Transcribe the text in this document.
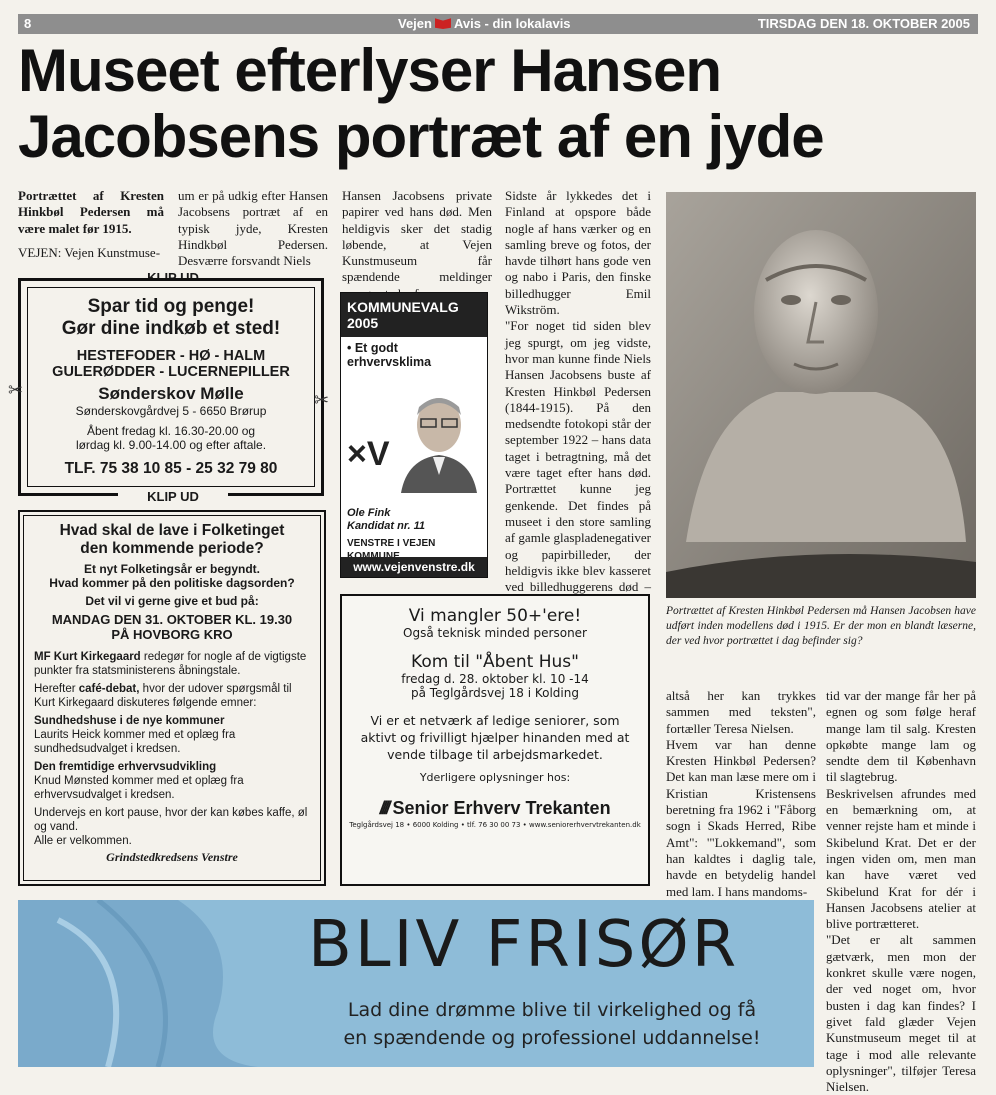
8	Vejen Avis - din lokalavis	TIRSDAG DEN 18. OKTOBER 2005
Museet efterlyser Hansen
Jacobsens portræt af en jyde

Portrættet af Kresten Hinkbøl Pedersen må være malet før 1915.

VEJEN: Vejen Kunstmuse-

um er på udkig efter Hansen Jacobsens portræt af en typisk jyde, Kresten Hindkbøl Pedersen. Desværre forsvandt Niels
Hansen Jacobsens private papirer ved hans død. Men heldigvis sker det stadig løbende, at Vejen Kunstmuseum får spændende meldinger

Sidste år lykkedes det i Finland at opspore både nogle af hans værker og en samling breve og fotos, der havde tilhørt hans gode ven og nabo i Paris, den finske billedhugger Emil Wikström.

"For noget tid siden blev jeg spurgt, om jeg vidste, hvor man kunne finde Niels Hansen Jacobsens buste af Kresten Hinkbøl Pedersen (1844-1915). På den medsendte fotokopi står der september 1922 – hans data taget i betragtning, må det være taget efter hans død. Portrættet kunne jeg genkende. Det findes på museet i den store samling af gamle glaspladenegativer og papirbilleder, der heldigvis ikke blev kasseret ved billedhuggerens død –

Spar tid og penge!
Gør dine indkøb et sted!
HESTEFODER - HØ - HALM
GULERØDDER - LUCERNEPILLER
Sønderskov Mølle
Sønderskovgårdvej 5 - 6650 Brørup
Åbent fredag kl. 16.30-20.00 og
lørdag kl. 9.00-14.00 og efter aftale.
TLF. 75 38 10 85 - 25 32 79 80
✂	✂
KLIP UD
Hvad skal de lave i Folketinget
den kommende periode?
Et nyt Folketingsår er begyndt.
Hvad kommer på den politiske dagsorden?
Det vil vi gerne give et bud på:
MANDAG DEN 31. OKTOBER KL. 19.30
PÅ HOVBORG KRO
MF Kurt Kirkegaard redegør for nogle af de vigtigste punkter fra statsministerens åbningstale.
Herefter café-debat, hvor der udover spørgsmål til Kurt Kirkegaard diskuteres følgende emner:
Sundhedshuse i de nye kommuner
Laurits Heick kommer med et oplæg fra sundhedsudvalget i kredsen.
Den fremtidige erhvervsudvikling
Knud Mønsted kommer med et oplæg fra erhvervsudvalget i kredsen.
Undervejs en kort pause, hvor der kan købes kaffe, øl og vand.
Alle er velkommen.
Grindstedkredsens Venstre
KOMMUNEVALG 2005
• Et godt erhvervsklima
×V
Ole Fink
Kandidat nr. 11
VENSTRE I VEJEN
www.vejenvenstre.dk
Vi mangler 50+'ere!
Også teknisk minded personer
Kom til "Åbent Hus"
fredag d. 28. oktober kl. 10 -14
på Teglgårdsvej 18 i Kolding
Vi er et netværk af ledige seniorer, som aktivt og frivilligt hjælper hinanden med at vende tilbage til arbejdsmarkedet.
Yderligere oplysninger hos:
//// Senior Erhverv Trekanten
Teglgårdsvej 18 • 6000 Kolding • tlf. 76 30 00 73 • www.seniorerhvervtrekanten.dk
Portrættet af Kresten Hinkbøl Pedersen må Hansen Jacobsen have udført inden modellens død i 1915. Er der mon en blandt læserne, der ved hvor portrættet i dag befinder sig?

altså her kan trykkes sammen med teksten", fortæller Teresa Nielsen.

Hvem var han denne Kresten Hinkbøl Pedersen? Det kan man læse mere om i Kristian Kristensens beretning fra 1962 i "Fåborg sogn i Skads Herred, Ribe Amt": '"Lokkemand", som han kaldtes i daglig tale, havde en betydelig handel med lam. I hans mandoms-

tid var der mange får her på egnen og som følge heraf mange lam til salg. Kresten opkøbte mange lam og sendte dem til København til slagtebrug.

Beskrivelsen afrundes med en bemærkning om, at venner rejste ham et minde i Skibelund Krat. Det er der ingen viden om, men man kan have været ved Skibelund Krat for dér i Hansen Jacobsens atelier at blive portrætteret.

"Det er alt sammen gætværk, men mon der konkret skulle være nogen, der ved noget om, hvor busten i dag kan findes? I givet fald glæder Vejen Kunstmuseum meget til at tage i mod alle relevante oplysninger", tilføjer Teresa Nielsen.

BLIV FRISØR
Lad dine drømme blive til virkelighed og få
en spændende og professionel uddannelse!
